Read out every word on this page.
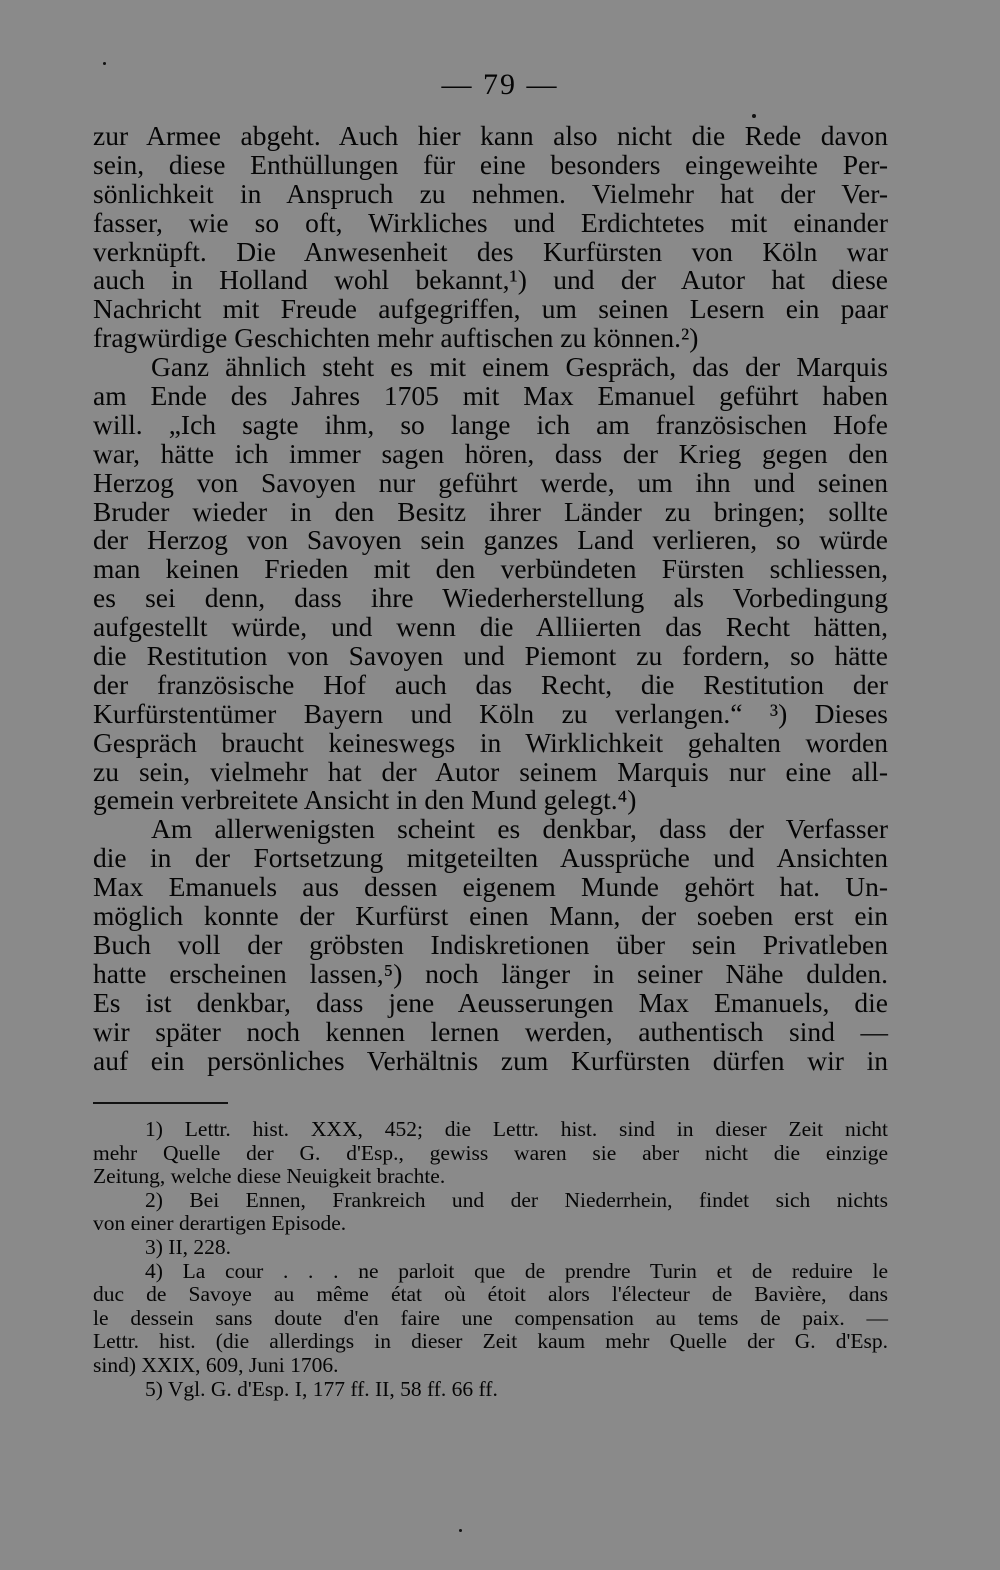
— 79 —
zur Armee abgeht. Auch hier kann also nicht die Rede davon
sein, diese Enthüllungen für eine besonders eingeweihte Per-
sönlichkeit in Anspruch zu nehmen. Vielmehr hat der Ver-
fasser, wie so oft, Wirkliches und Erdichtetes mit einander
verknüpft. Die Anwesenheit des Kurfürsten von Köln war
auch in Holland wohl bekannt,¹) und der Autor hat diese
Nachricht mit Freude aufgegriffen, um seinen Lesern ein paar
fragwürdige Geschichten mehr auftischen zu können.²)
Ganz ähnlich steht es mit einem Gespräch, das der Marquis
am Ende des Jahres 1705 mit Max Emanuel geführt haben
will. „Ich sagte ihm, so lange ich am französischen Hofe
war, hätte ich immer sagen hören, dass der Krieg gegen den
Herzog von Savoyen nur geführt werde, um ihn und seinen
Bruder wieder in den Besitz ihrer Länder zu bringen; sollte
der Herzog von Savoyen sein ganzes Land verlieren, so würde
man keinen Frieden mit den verbündeten Fürsten schliessen,
es sei denn, dass ihre Wiederherstellung als Vorbedingung
aufgestellt würde, und wenn die Alliierten das Recht hätten,
die Restitution von Savoyen und Piemont zu fordern, so hätte
der französische Hof auch das Recht, die Restitution der
Kurfürstentümer Bayern und Köln zu verlangen.“ ³) Dieses
Gespräch braucht keineswegs in Wirklichkeit gehalten worden
zu sein, vielmehr hat der Autor seinem Marquis nur eine all-
gemein verbreitete Ansicht in den Mund gelegt.⁴)
Am allerwenigsten scheint es denkbar, dass der Verfasser
die in der Fortsetzung mitgeteilten Aussprüche und Ansichten
Max Emanuels aus dessen eigenem Munde gehört hat. Un-
möglich konnte der Kurfürst einen Mann, der soeben erst ein
Buch voll der gröbsten Indiskretionen über sein Privatleben
hatte erscheinen lassen,⁵) noch länger in seiner Nähe dulden.
Es ist denkbar, dass jene Aeusserungen Max Emanuels, die
wir später noch kennen lernen werden, authentisch sind —
auf ein persönliches Verhältnis zum Kurfürsten dürfen wir in
1) Lettr. hist. XXX, 452; die Lettr. hist. sind in dieser Zeit nicht
mehr Quelle der G. d'Esp., gewiss waren sie aber nicht die einzige
Zeitung, welche diese Neuigkeit brachte.
2) Bei Ennen, Frankreich und der Niederrhein, findet sich nichts
von einer derartigen Episode.
3) II, 228.
4) La cour . . . ne parloit que de prendre Turin et de reduire le
duc de Savoye au même état où étoit alors l'électeur de Bavière, dans
le dessein sans doute d'en faire une compensation au tems de paix. —
Lettr. hist. (die allerdings in dieser Zeit kaum mehr Quelle der G. d'Esp.
sind) XXIX, 609, Juni 1706.
5) Vgl. G. d'Esp. I, 177 ff. II, 58 ff. 66 ff.
